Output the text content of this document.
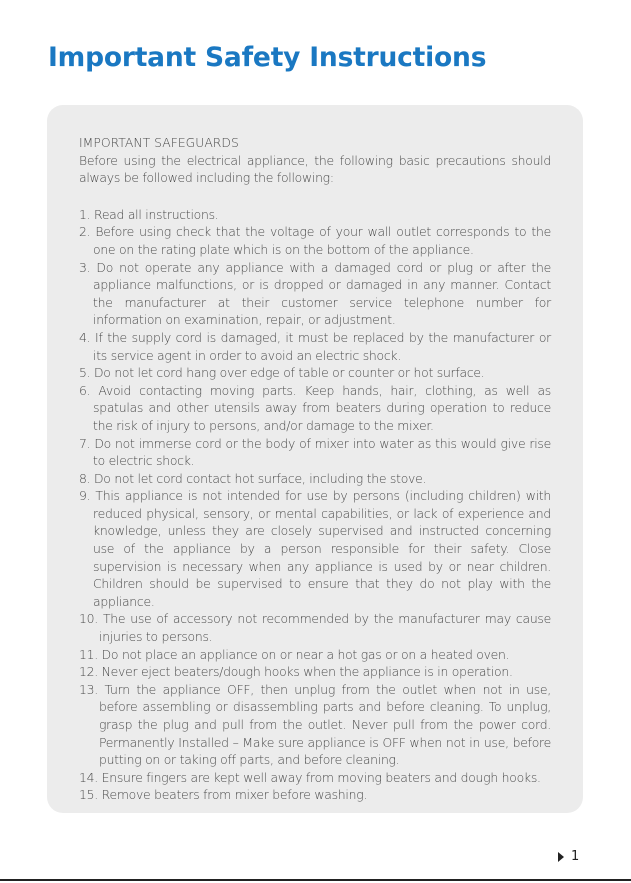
Important Safety Instructions

IMPORTANT SAFEGUARDS

Before using the electrical appliance, the following basic precautions should always be followed including the following:

1. Read all instructions.
2. Before using check that the voltage of your wall outlet corresponds to the one on the rating plate which is on the bottom of the appliance.
3. Do not operate any appliance with a damaged cord or plug or after the appliance malfunctions, or is dropped or damaged in any manner. Contact the manufacturer at their customer service telephone number for information on examination, repair, or adjustment.
4. If the supply cord is damaged, it must be replaced by the manufacturer or its service agent in order to avoid an electric shock.
5. Do not let cord hang over edge of table or counter or hot surface.
6. Avoid contacting moving parts. Keep hands, hair, clothing, as well as spatulas and other utensils away from beaters during operation to reduce the risk of injury to persons, and/or damage to the mixer.
7. Do not immerse cord or the body of mixer into water as this would give rise to electric shock.
8. Do not let cord contact hot surface, including the stove.
9. This appliance is not intended for use by persons (including children) with reduced physical, sensory, or mental capabilities, or lack of experience and knowledge, unless they are closely supervised and instructed concerning use of the appliance by a person responsible for their safety. Close supervision is necessary when any appliance is used by or near children. Children should be supervised to ensure that they do not play with the appliance.
10. The use of accessory not recommended by the manufacturer may cause injuries to persons.
11. Do not place an appliance on or near a hot gas or on a heated oven.
12. Never eject beaters/dough hooks when the appliance is in operation.
13. Turn the appliance OFF, then unplug from the outlet when not in use, before assembling or disassembling parts and before cleaning. To unplug, grasp the plug and pull from the outlet. Never pull from the power cord. Permanently Installed – Make sure appliance is OFF when not in use, before putting on or taking off parts, and before cleaning.
14. Ensure fingers are kept well away from moving beaters and dough hooks.
15. Remove beaters from mixer before washing.
1
